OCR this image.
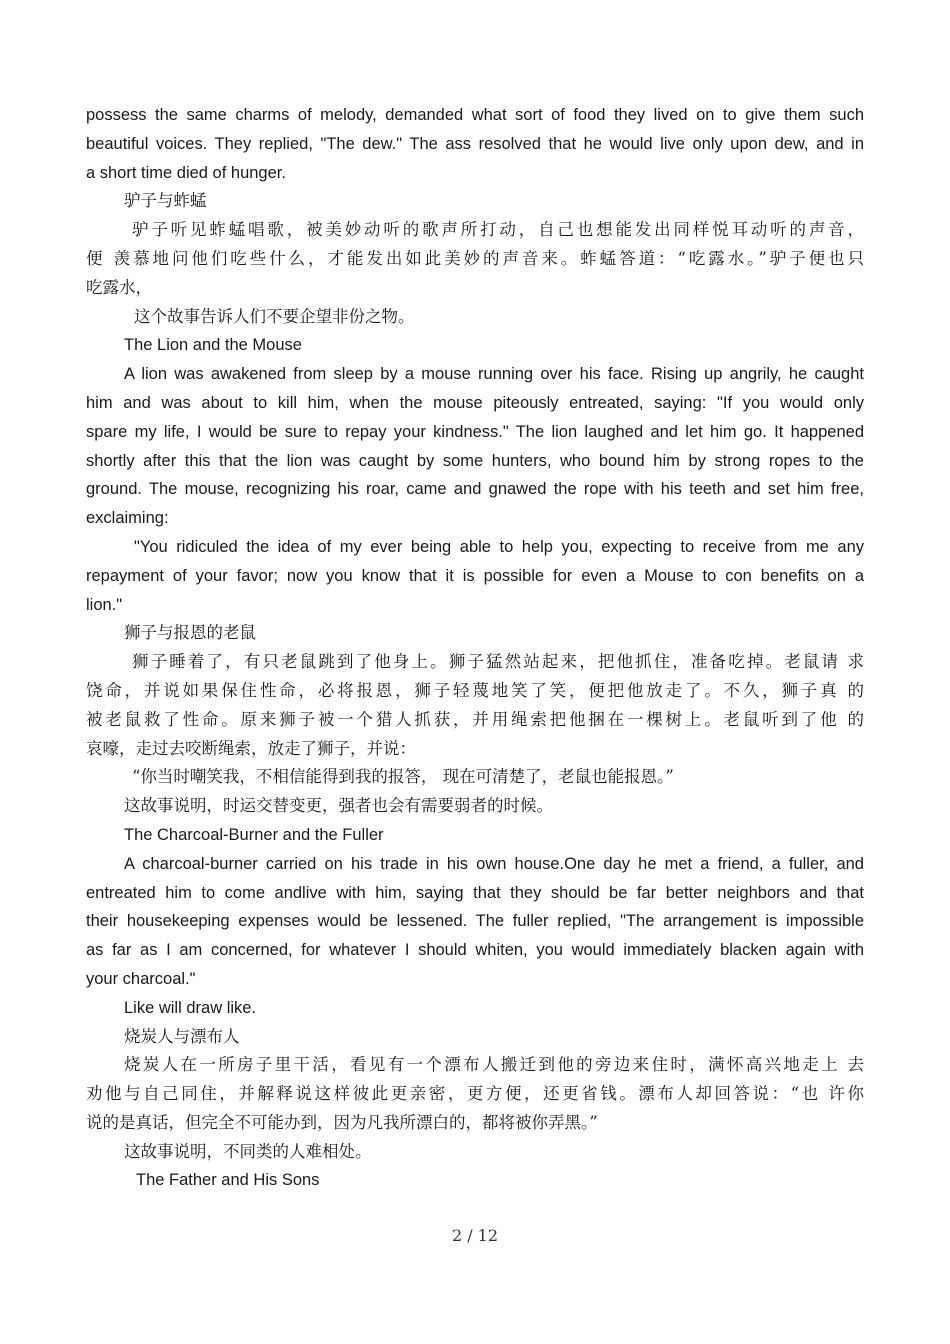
possess the same charms of melody, demanded what sort of food they lived on to give them such

beautiful voices. They replied, "The dew." The ass resolved that he would live only upon dew, and in

a short time died of hunger.

驴子与蚱蜢

驴子听见蚱蜢唱歌，被美妙动听的歌声所打动，自己也想能发出同样悦耳动听的声音，

便 羡慕地问他们吃些什么，才能发出如此美妙的声音来。蚱蜢答道：“吃露水。”驴子便也只

吃露水，

这个故事告诉人们不要企望非份之物。

The Lion and the Mouse

A lion was awakened from sleep by a mouse running over his face. Rising up angrily, he caught

him and was about to kill him, when the mouse piteously entreated, saying: "If you would only

spare my life, I would be sure to repay your kindness." The lion laughed and let him go. It happened

shortly after this that the lion was caught by some hunters, who bound him by strong ropes to the

ground. The mouse, recognizing his roar, came and gnawed the rope with his teeth and set him free,

exclaiming:

"You ridiculed the idea of my ever being able to help you, expecting to receive from me any

repayment of your favor; now you know that it is possible for even a Mouse to con benefits on a

lion."

狮子与报恩的老鼠

狮子睡着了，有只老鼠跳到了他身上。狮子猛然站起来，把他抓住，准备吃掉。老鼠请 求

饶命，并说如果保住性命，必将报恩，狮子轻蔑地笑了笑，便把他放走了。不久，狮子真 的

被老鼠救了性命。原来狮子被一个猎人抓获，并用绳索把他捆在一棵树上。老鼠听到了他 的

哀嚎，走过去咬断绳索，放走了狮子，并说：

“你当时嘲笑我，不相信能得到我的报答， 现在可清楚了，老鼠也能报恩。”

这故事说明，时运交替变更，强者也会有需要弱者的时候。

The Charcoal-Burner and the Fuller

A charcoal-burner carried on his trade in his own house.One day he met a friend, a fuller, and

entreated him to come andlive with him, saying that they should be far better neighbors and that

their housekeeping expenses would be lessened. The fuller replied, "The arrangement is impossible

as far as I am concerned, for whatever I should whiten, you would immediately blacken again with

your charcoal."

Like will draw like.

烧炭人与漂布人

烧炭人在一所房子里干活，看见有一个漂布人搬迁到他的旁边来住时，满怀高兴地走上 去

劝他与自己同住，并解释说这样彼此更亲密，更方便，还更省钱。漂布人却回答说：“也 许你

说的是真话，但完全不可能办到，因为凡我所漂白的，都将被你弄黑。”

这故事说明，不同类的人难相处。

The Father and His Sons

2 / 12
